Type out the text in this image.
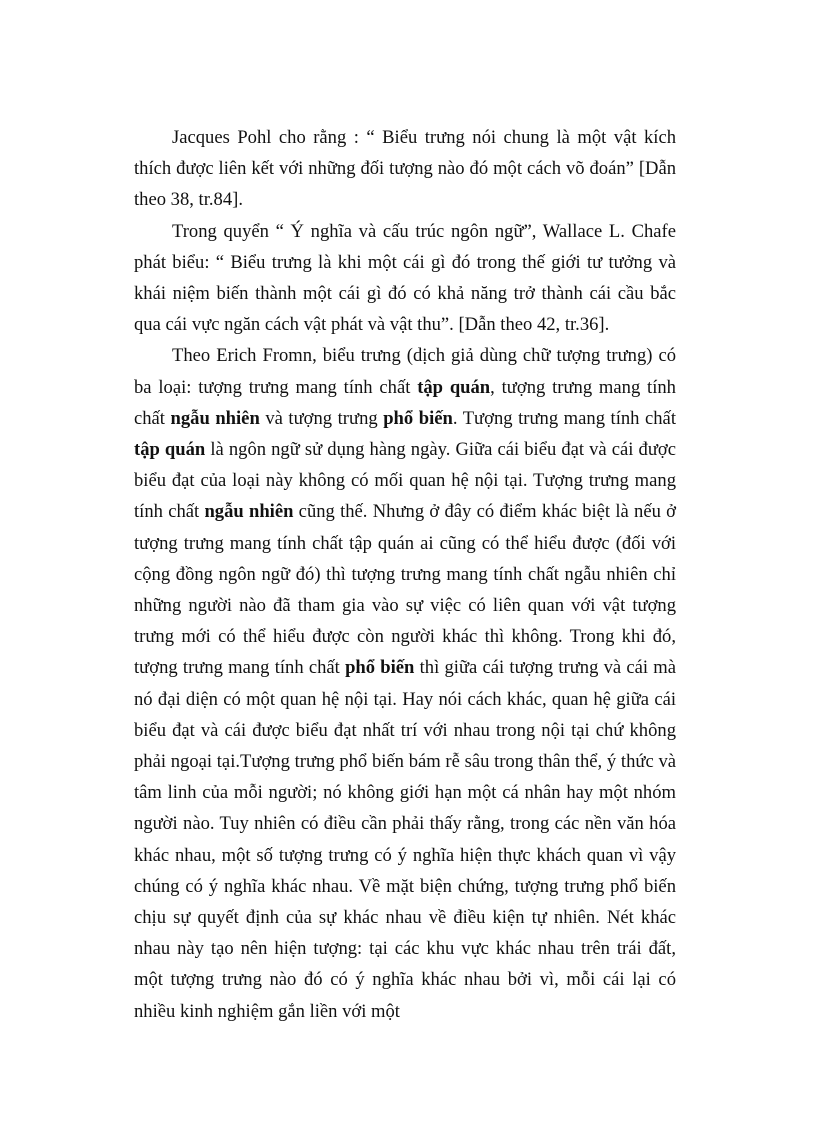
Jacques Pohl cho rằng : “ Biểu trưng nói chung là một vật kích thích được liên kết với những đối tượng nào đó một cách võ đoán” [Dẫn theo 38, tr.84].

Trong quyển “ Ý nghĩa và cấu trúc ngôn ngữ”, Wallace L. Chafe phát biểu: “ Biểu trưng là khi một cái gì đó trong thế giới tư tưởng và khái niệm biến thành một cái gì đó có khả năng trở thành cái cầu bắc qua cái vực ngăn cách vật phát và vật thu”. [Dẫn theo 42, tr.36].

Theo Erich Fromn, biểu trưng (dịch giả dùng chữ tượng trưng) có ba loại: tượng trưng mang tính chất tập quán, tượng trưng mang tính chất ngẫu nhiên và tượng trưng phổ biến. Tượng trưng mang tính chất tập quán là ngôn ngữ sử dụng hàng ngày. Giữa cái biểu đạt và cái được biểu đạt của loại này không có mối quan hệ nội tại. Tượng trưng mang tính chất ngẫu nhiên cũng thế. Nhưng ở đây có điểm khác biệt là nếu ở tượng trưng mang tính chất tập quán ai cũng có thể hiểu được (đối với cộng đồng ngôn ngữ đó) thì tượng trưng mang tính chất ngẫu nhiên chỉ những người nào đã tham gia vào sự việc có liên quan với vật tượng trưng mới có thể hiểu được còn người khác thì không. Trong khi đó, tượng trưng mang tính chất phổ biến thì giữa cái tượng trưng và cái mà nó đại diện có một quan hệ nội tại. Hay nói cách khác, quan hệ giữa cái biểu đạt và cái được biểu đạt nhất trí với nhau trong nội tại chứ không phải ngoại tại.Tượng trưng phổ biến bám rễ sâu trong thân thể, ý thức và tâm linh của mỗi người; nó không giới hạn một cá nhân hay một nhóm người nào. Tuy nhiên có điều cần phải thấy rằng, trong các nền văn hóa khác nhau, một số tượng trưng có ý nghĩa hiện thực khách quan vì vậy chúng có ý nghĩa khác nhau. Về mặt biện chứng, tượng trưng phổ biến chịu sự quyết định của sự khác nhau về điều kiện tự nhiên. Nét khác nhau này tạo nên hiện tượng: tại các khu vực khác nhau trên trái đất, một tượng trưng nào đó có ý nghĩa khác nhau bởi vì, mỗi cái lại có nhiều kinh nghiệm gắn liền với một
